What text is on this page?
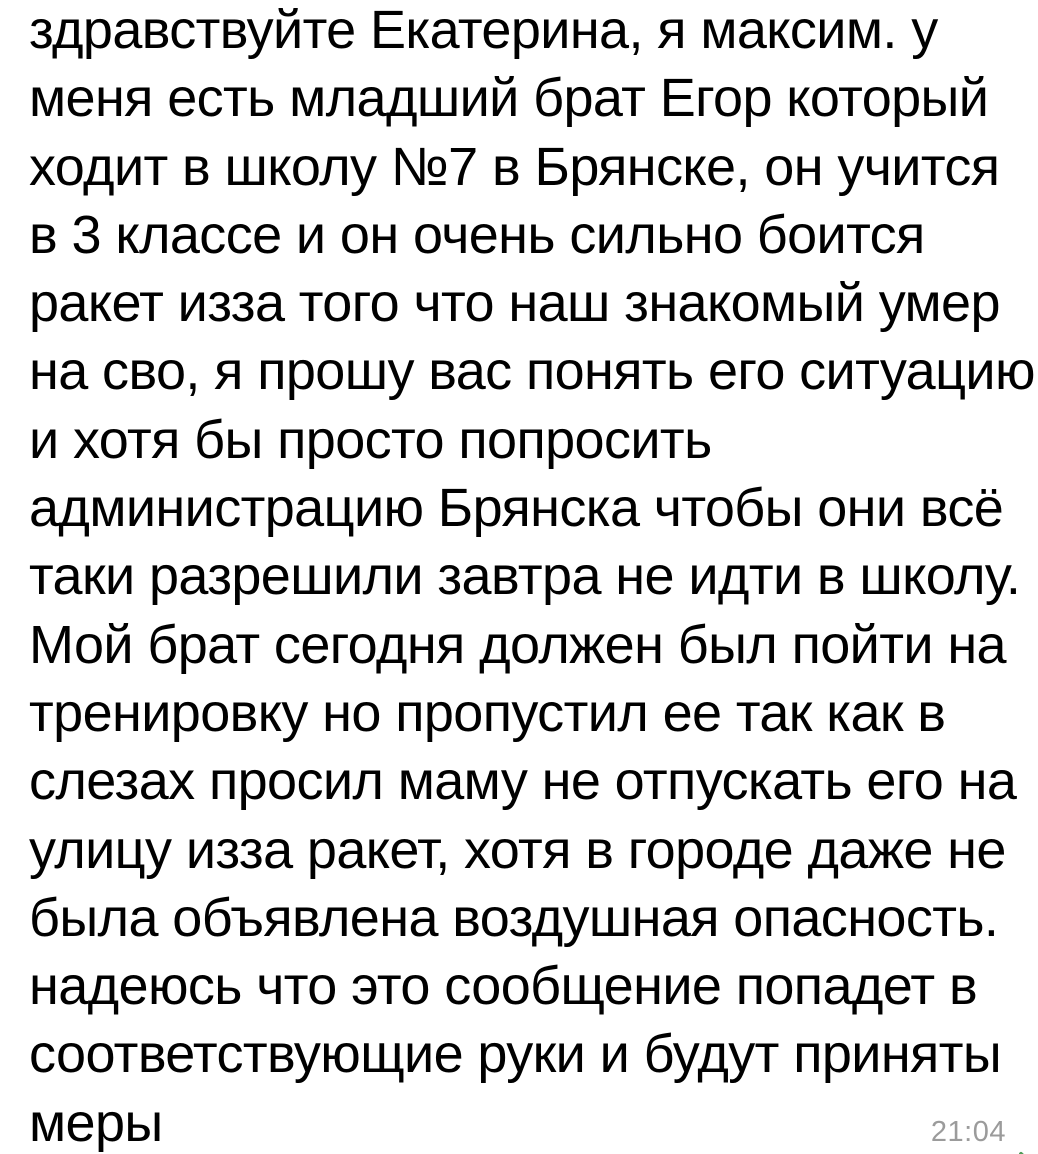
здравствуйте Екатерина, я максим. у
меня есть младший брат Егор который
ходит в школу №7 в Брянске, он учится
в 3 классе и он очень сильно боится
ракет изза того что наш знакомый умер
на сво, я прошу вас понять его ситуацию
и хотя бы просто попросить
администрацию Брянска чтобы они всё
таки разрешили завтра не идти в школу.
Мой брат сегодня должен был пойти на
тренировку но пропустил ее так как в
слезах просил маму не отпускать его на
улицу изза ракет, хотя в городе даже не
была объявлена воздушная опасность.
надеюсь что это сообщение попадет в
соответствующие руки и будут приняты
меры	21:04
